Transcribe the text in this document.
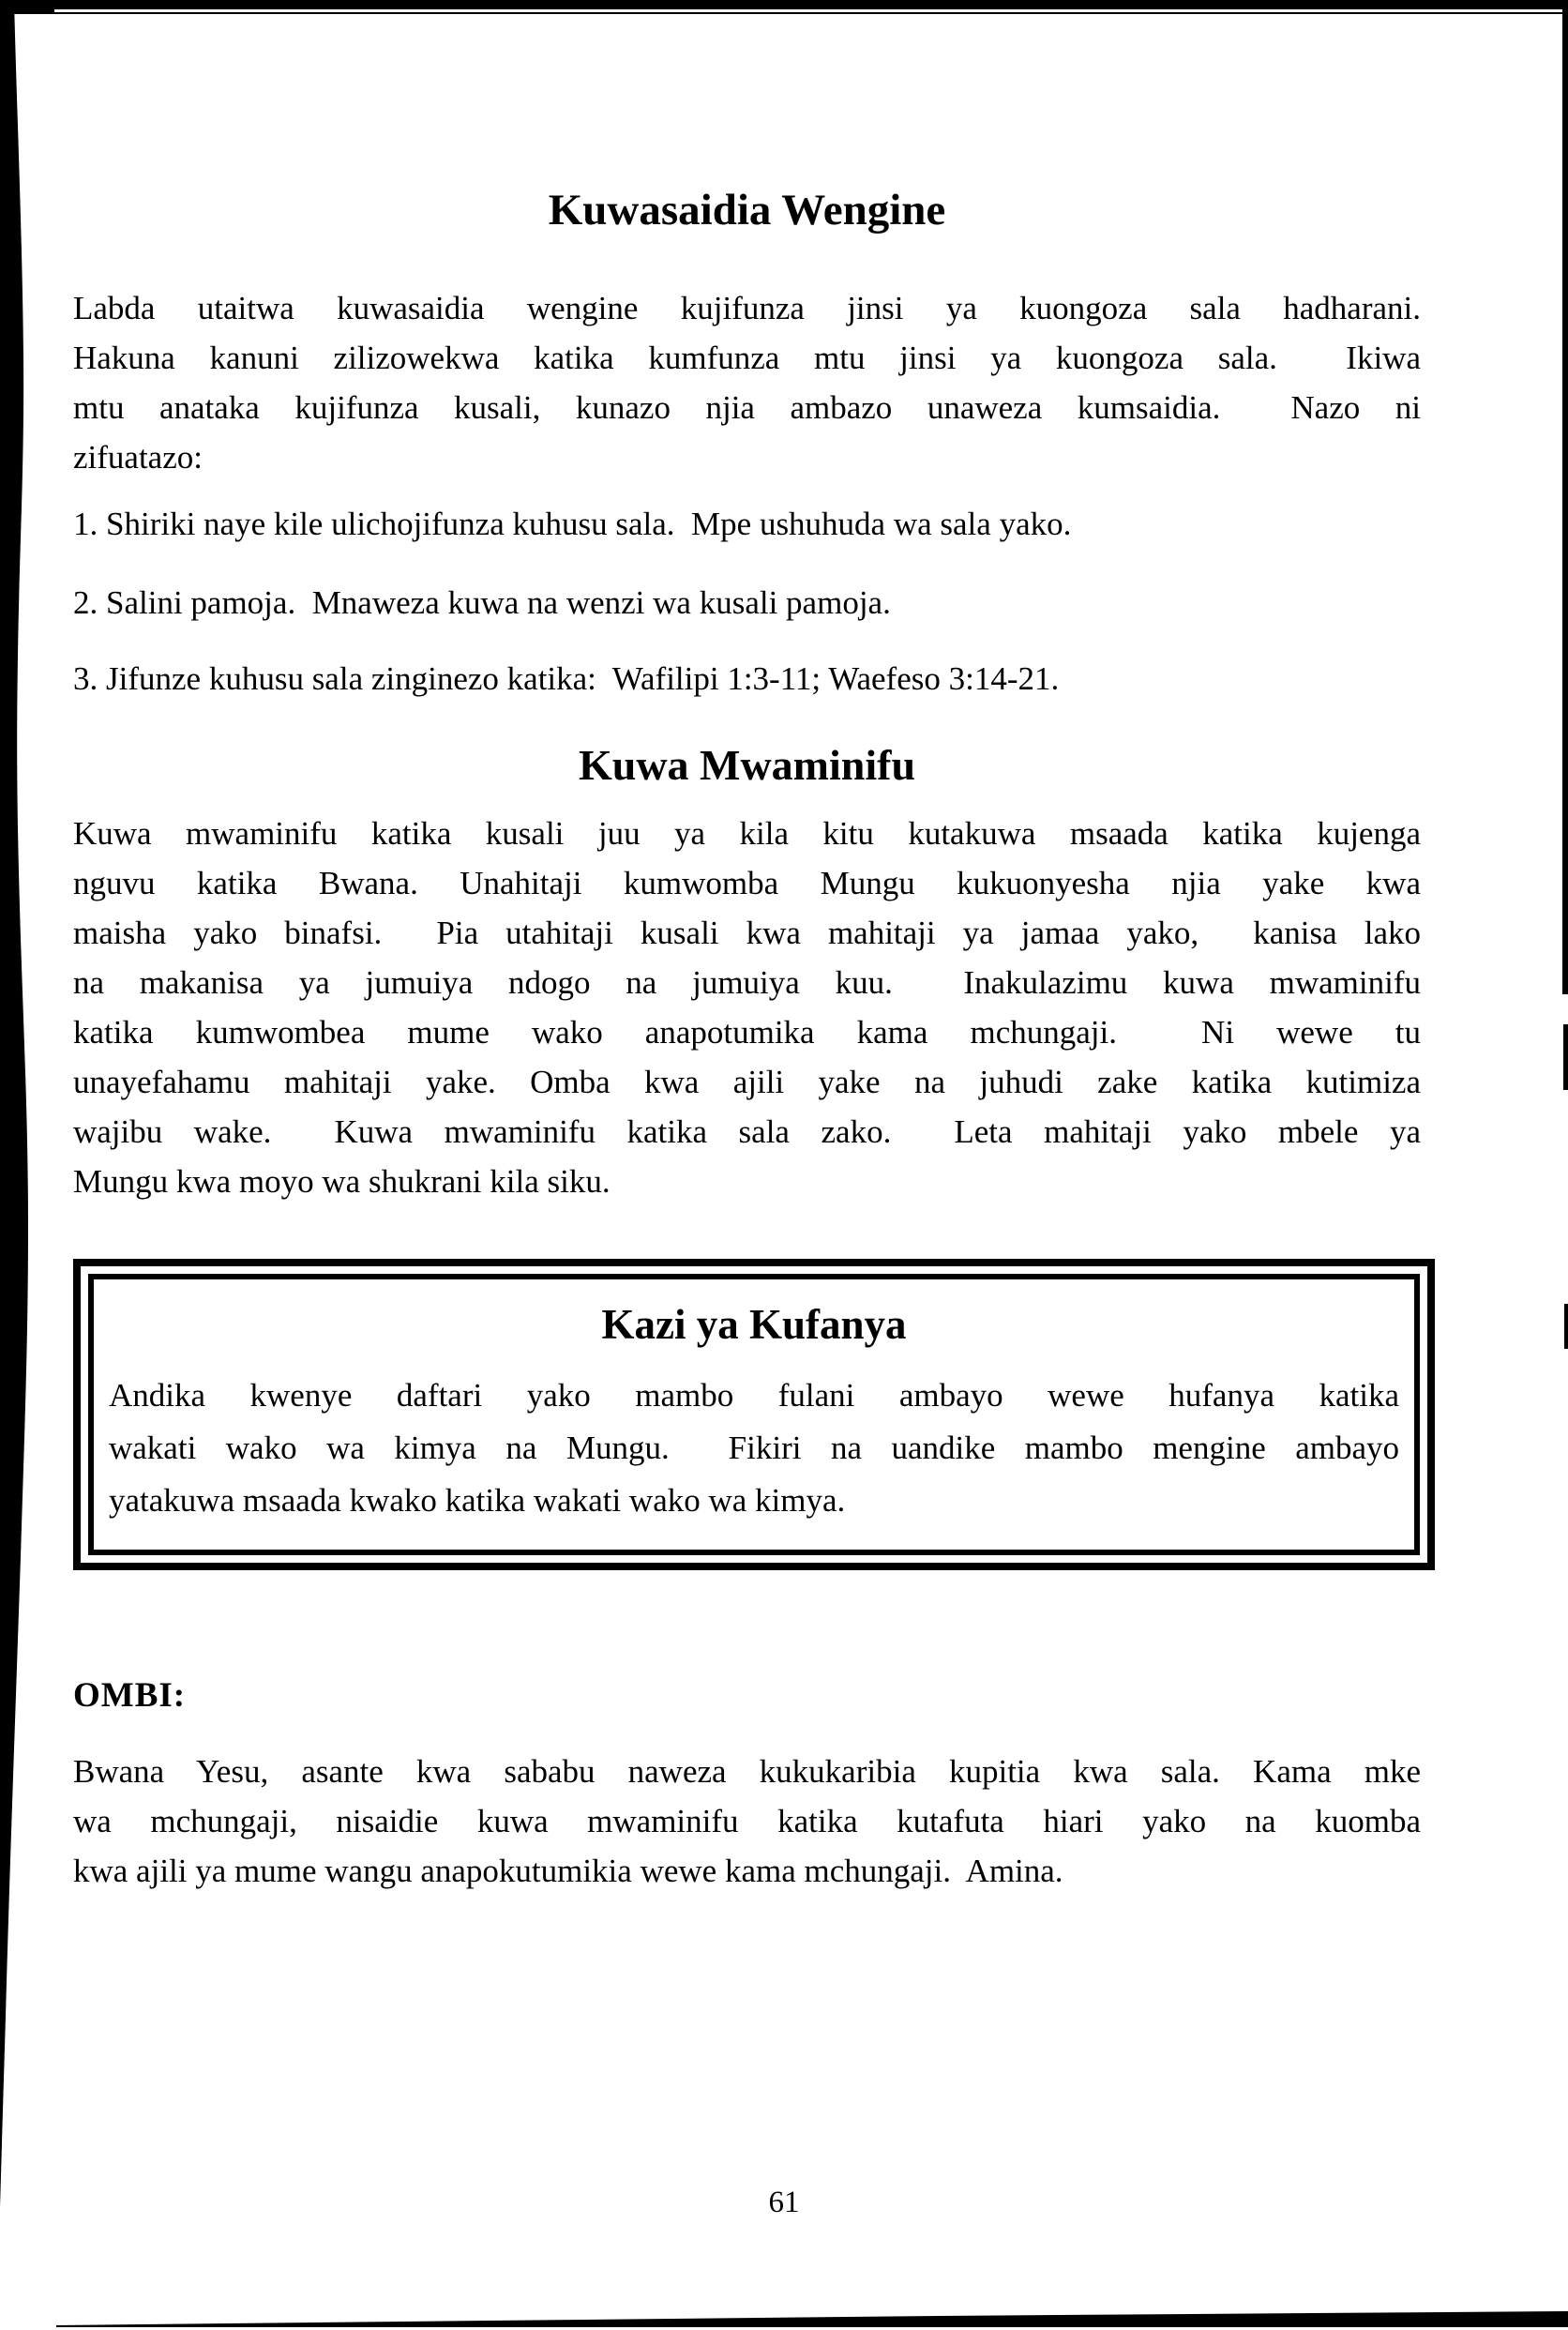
Kuwasaidia Wengine
Labda utaitwa kuwasaidia wengine kujifunza jinsi ya kuongoza sala hadharani.
Hakuna kanuni zilizowekwa katika kumfunza mtu jinsi ya kuongoza sala.  Ikiwa
mtu anataka kujifunza kusali, kunazo njia ambazo unaweza kumsaidia.  Nazo ni
zifuatazo:
1. Shiriki naye kile ulichojifunza kuhusu sala.  Mpe ushuhuda wa sala yako.
2. Salini pamoja.  Mnaweza kuwa na wenzi wa kusali pamoja.
3. Jifunze kuhusu sala zinginezo katika:  Wafilipi 1:3-11; Waefeso 3:14-21.
Kuwa Mwaminifu
Kuwa mwaminifu katika kusali juu ya kila kitu kutakuwa msaada katika kujenga
nguvu katika Bwana. Unahitaji kumwomba Mungu kukuonyesha njia yake kwa
maisha yako binafsi.  Pia utahitaji kusali kwa mahitaji ya jamaa yako,  kanisa lako
na makanisa ya jumuiya ndogo na jumuiya kuu.  Inakulazimu kuwa mwaminifu
katika kumwombea mume wako anapotumika kama mchungaji.  Ni wewe tu
unayefahamu mahitaji yake. Omba kwa ajili yake na juhudi zake katika kutimiza
wajibu wake.  Kuwa mwaminifu katika sala zako.  Leta mahitaji yako mbele ya
Mungu kwa moyo wa shukrani kila siku.
Kazi ya Kufanya
Andika kwenye daftari yako mambo fulani ambayo wewe hufanya katika
wakati wako wa kimya na Mungu.  Fikiri na uandike mambo mengine ambayo
yatakuwa msaada kwako katika wakati wako wa kimya.
OMBI:
Bwana Yesu, asante kwa sababu naweza kukukaribia kupitia kwa sala. Kama mke
wa mchungaji, nisaidie kuwa mwaminifu katika kutafuta hiari yako na kuomba
kwa ajili ya mume wangu anapokutumikia wewe kama mchungaji.  Amina.
61
